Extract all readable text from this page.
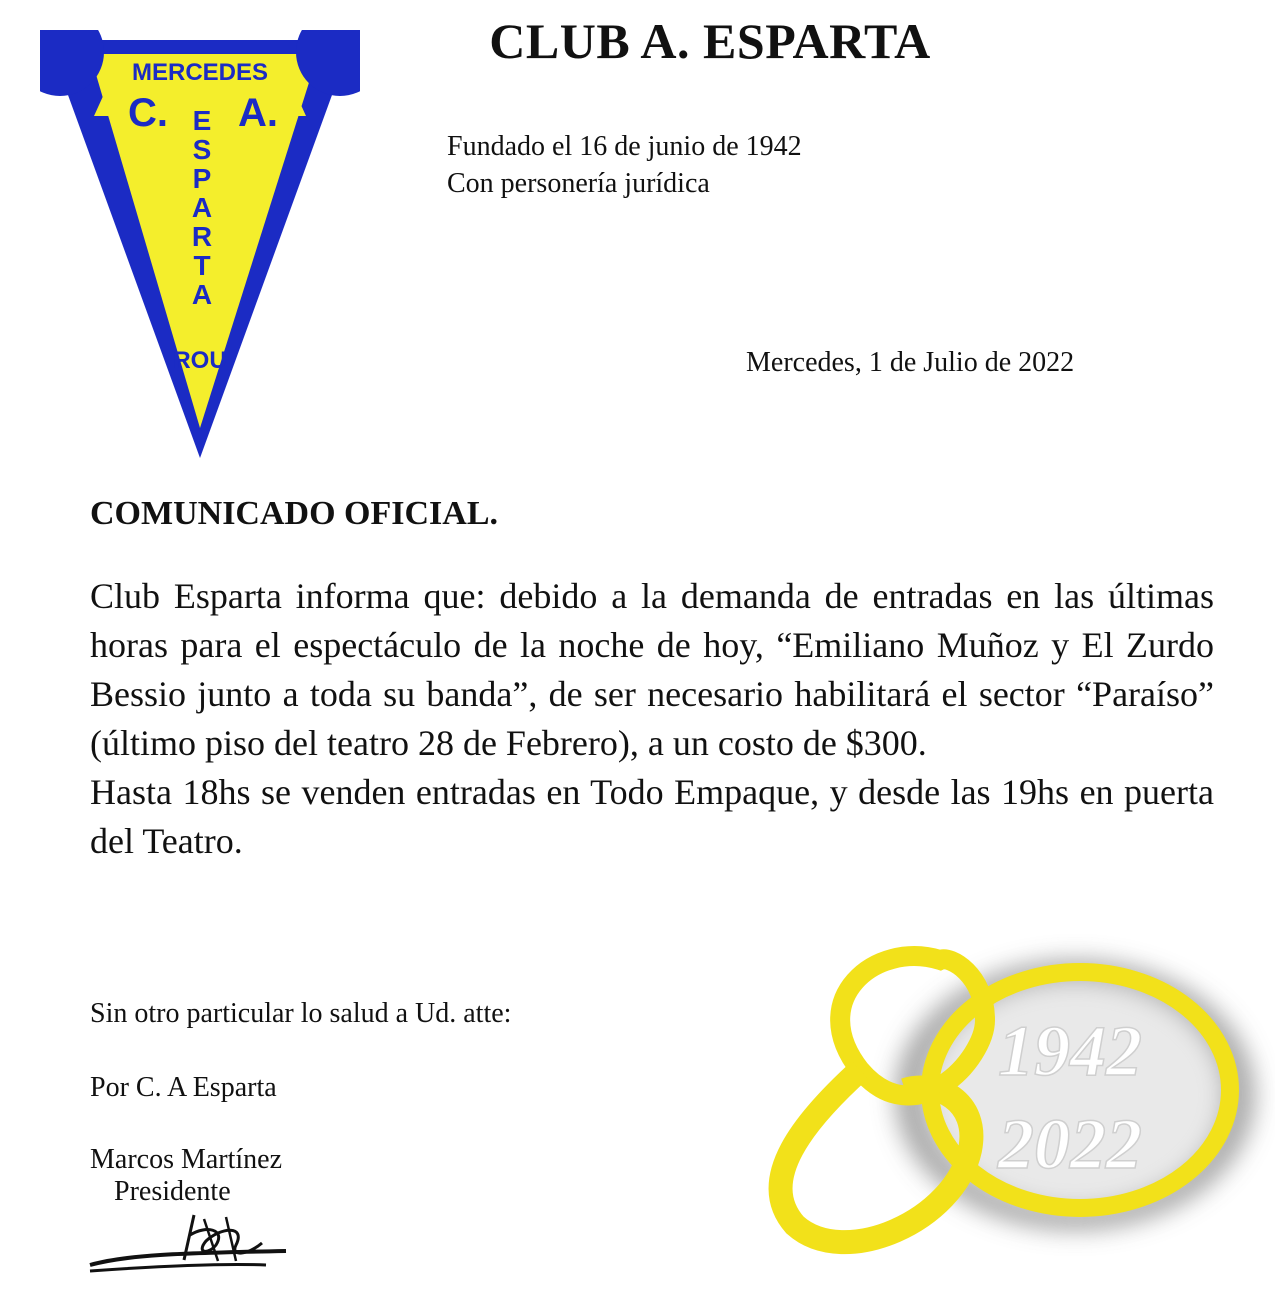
MERCEDES
C. A.
E
S
P
A
R
T
A
ROU
CLUB A. ESPARTA
Fundado el 16 de junio de 1942
Con personería jurídica
Mercedes, 1 de Julio de 2022
COMUNICADO OFICIAL.

Club Esparta informa que: debido a la demanda de entradas en las últimas horas para el espectáculo de la noche de hoy, “Emiliano Muñoz y El Zurdo Bessio junto a toda su banda”, de ser necesario habilitará el sector “Paraíso” (último piso del teatro 28 de Febrero), a un costo de $300.

Hasta 18hs se venden entradas en Todo Empaque, y desde las 19hs en puerta del Teatro.

Sin otro particular lo salud a Ud. atte:
Por C. A Esparta
Marcos Martínez
Presidente
1942
2022
